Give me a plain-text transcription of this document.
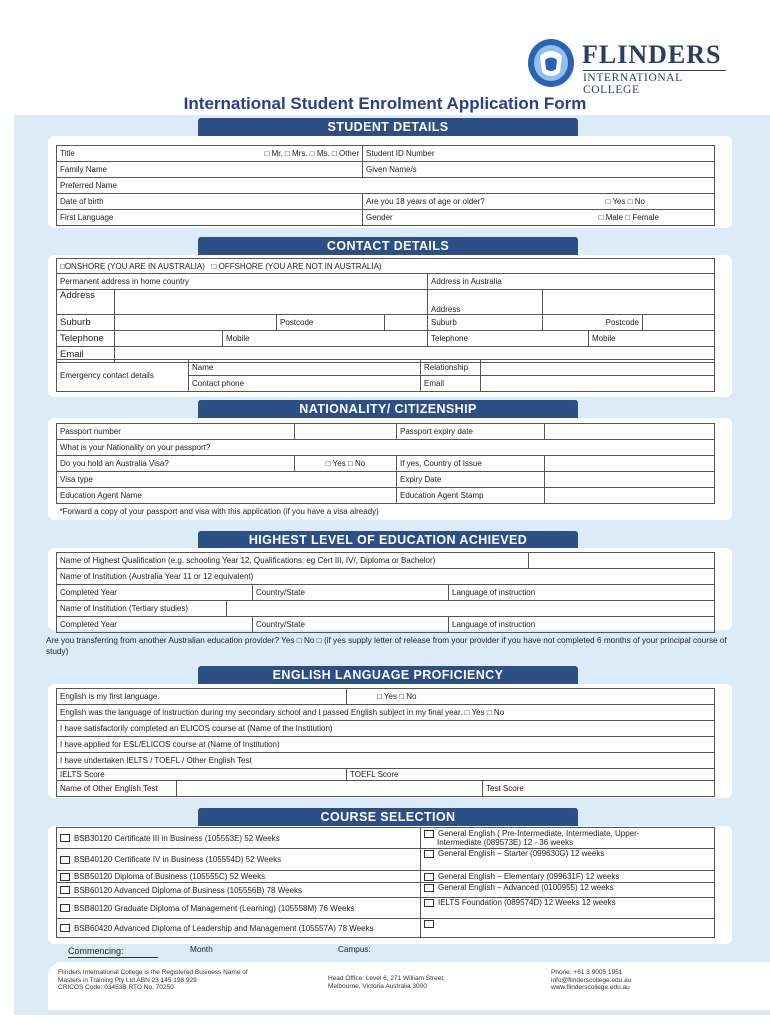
FLINDERS
INTERNATIONAL COLLEGE
International Student Enrolment Application Form
STUDENT DETAILS
Title □ Mr. □ Mrs. □ Ms. □ Other	Student ID Number
Family Name	Given Name/s
Preferred Name	
Date of birth	Are you 18 years of age or older? □ Yes □ No

First Language	Gender □ Male □ Female
CONTACT DETAILS
□ONSHORE (YOU ARE IN AUSTRALIA) □ OFFSHORE (YOU ARE NOT IN AUSTRALIA)								
Permanent address in home country					Address in Australia			
Address					Address			
Suburb			Postcode		Suburb	Postcode		
Telephone		Mobile			Telephone		Mobile	
Email								
Emergency contact details	Name	Relationship	
	Contact phone	Email	
NATIONALITY/ CITIZENSHIP
Passport number		Passport expiry date	
What is your Nationality on your passport?			
Do you hold an Australia Visa?	□ Yes □ No	If yes, Country of Issue	
Visa type		Expiry Date	
Education Agent Name		Education Agent Stamp	
*Forward a copy of your passport and visa with this application (if you have a visa already)			
HIGHEST LEVEL OF EDUCATION ACHIEVED
Name of Highest Qualification (e.g. schooling Year 12, Qualifications: eg Cert III, IV/, Diploma or Bachelor)				
Name of Institution (Australia Year 11 or 12 equivalent)				
Completed Year		Country/State	Language of instruction	
Name of Institution (Tertiary studies)				
Completed Year		Country/State	Language of instruction	
Are you transferring from another Australian education provider? Yes □ No □ (if yes supply letter of release from your provider if you have not completed 6 months of your principal course of study)
ENGLISH LANGUAGE PROFICIENCY
English is my first language.		□ Yes □ No	
English was the language of instruction during my secondary school and I passed English subject in my final year. □ Yes □ No			
I have satisfactorily completed an ELICOS course at (Name of the Institution)			
I have applied for ESL/ELICOS course at (Name of Institution)			
I have undertaken IELTS / TOEFL / Other English Test			
IELTS Score		TOEFL Score	
Name of Other English Test			Test Score
COURSE SELECTION
BSB30120 Certificate III in Business (105553E) 52 Weeks	General English ( Pre-Intermediate, Intermediate, Upper-
Intermediate (089573E) 12 - 36 weeks
BSB40120 Certificate IV in Business (105554D) 52 Weeks	General English – Starter (099630G) 12 weeks
BSB50120 Diploma of Business (105555C) 52 Weeks	General English – Elementary (099631F) 12 weeks
BSB60120 Advanced Diploma of Business (105556B) 78 Weeks	General English – Advanced (0100955) 12 weeks
BSB80120 Graduate Diploma of Management (Learning) (105558M) 76 Weeks	IELTS Foundation (089574D) 12 Weeks 12 weeks
BSB60420 Advanced Diploma of Leadership and Management (105557A) 78 Weeks	
Commencing:	Month	Campus:
Flinders International College is the Registered Business Name of
Masters in Training Pty Ltd ABN 23 145 198 929
CRICOS Code: 03453B RTO No. 70250
Head Office: Level 6, 271 William Street,
Melbourne, Victoria Australia 3000
Phone: +61 3 9005 1951
info@flinderscollege.edu.au
www.flinderscollege.edu.au
